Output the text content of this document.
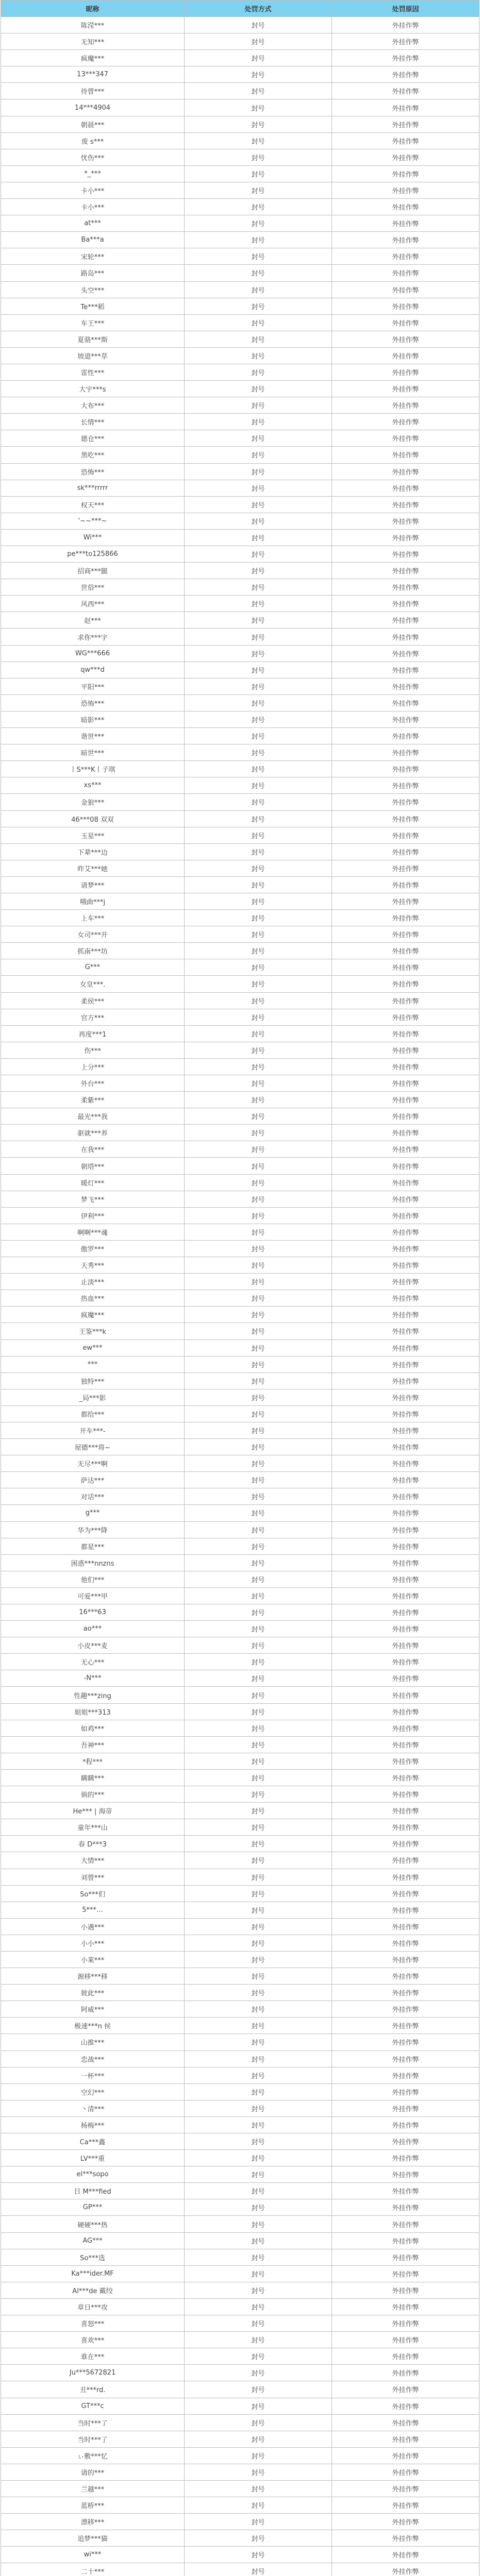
昵称	处罚方式	处罚原因
陈滢***	封号	外挂作弊
无知***	封号	外挂作弊
疯魔***	封号	外挂作弊
13***347	封号	外挂作弊
待曾***	封号	外挂作弊
14***4904	封号	外挂作弊
朝晨***	封号	外挂作弊
废 s***	封号	外挂作弊
忧伤***	封号	外挂作弊
*_***	封号	外挂作弊
卡小***	封号	外挂作弊
卡小***	封号	外挂作弊
at***	封号	外挂作弊
Ba***a	封号	外挂作弊
宋轮***	封号	外挂作弊
路岛***	封号	外挂作弊
头空***	封号	外挂作弊
Te***稻	封号	外挂作弊
车王***	封号	外挂作弊
夏骆***斯	封号	外挂作弊
坡道***草	封号	外挂作弊
雷性***	封号	外挂作弊
大宇***s	封号	外挂作弊
大布***	封号	外挂作弊
长情***	封号	外挂作弊
德仓***	封号	外挂作弊
黑吃***	封号	外挂作弊
恐怖***	封号	外挂作弊
sk***rrrrr	封号	外挂作弊
权天***	封号	外挂作弊
'~~***~	封号	外挂作弊
Wi***	封号	外挂作弊
pe***to125866	封号	外挂作弊
招商***腿	封号	外挂作弊
世俗***	封号	外挂作弊
风西***	封号	外挂作弊
赵***	封号	外挂作弊
求你***字	封号	外挂作弊
WG***666	封号	外挂作弊
qw***d	封号	外挂作弊
平阳***	封号	外挂作弊
恐怖***	封号	外挂作弊
暗影***	封号	外挂作弊
谐世***	封号	外挂作弊
暗世***	封号	外挂作弊
丨S***K丨子琪	封号	外挂作弊
xs***	封号	外挂作弊
金狼***	封号	外挂作弊
46***08 双双	封号	外挂作弊
玉星***	封号	外挂作弊
下辈***边	封号	外挂作弊
昨艾***她	封号	外挂作弊
请梦***	封号	外挂作弊
哦曲***j	封号	外挂作弊
上车***	封号	外挂作弊
女司***开	封号	外挂作弊
抓南***坊	封号	外挂作弊
G***	封号	外挂作弊
女皇***.	封号	外挂作弊
柔侯***	封号	外挂作弊
官方***	封号	外挂作弊
再度***1	封号	外挂作弊
伤***	封号	外挂作弊
上分***	封号	外挂作弊
外台***	封号	外挂作弊
柔紫***	封号	外挂作弊
最光***我	封号	外挂作弊
驱就***养	封号	外挂作弊
在我***	封号	外挂作弊
朝塔***	封号	外挂作弊
暖灯***	封号	外挂作弊
梦飞***	封号	外挂作弊
伊利***	封号	外挂作弊
啊啊***魂	封号	外挂作弊
傲罗***	封号	外挂作弊
天秀***	封号	外挂作弊
止淡***	封号	外挂作弊
热血***	封号	外挂作弊
疯魔***	封号	外挂作弊
王鉴***k	封号	外挂作弊
ew***	封号	外挂作弊
***	封号	外挂作弊
独特***	封号	外挂作弊
_局***影	封号	外挂作弊
都给***	封号	外挂作弊
开车***-	封号	外挂作弊
屋德***将~	封号	外挂作弊
无尽***啊	封号	外挂作弊
萨达***	封号	外挂作弊
对话***	封号	外挂作弊
g***	封号	外挂作弊
华为***降	封号	外挂作弊
都星***	封号	外挂作弊
困惑***nnzns	封号	外挂作弊
他们***	封号	外挂作弊
可爱***甲	封号	外挂作弊
16***63	封号	外挂作弊
ao***	封号	外挂作弊
小皮***麦	封号	外挂作弊
无心***	封号	外挂作弊
-N***	封号	外挂作弊
性趣***zing	封号	外挂作弊
姐姐***313	封号	外挂作弊
如鸡***	封号	外挂作弊
吾神***	封号	外挂作弊
*程***	封号	外挂作弊
瞒瞒***	封号	外挂作弊
倘的***	封号	外挂作弊
He*** | 海帝	封号	外挂作弊
童年***山	封号	外挂作弊
春 D***3	封号	外挂作弊
大情***	封号	外挂作弊
刘曾***	封号	外挂作弊
So***们	封号	外挂作弊
5***…	封号	外挂作弊
小遇***	封号	外挂作弊
小小***	封号	外挂作弊
小莱***	封号	外挂作弊
源移***移	封号	外挂作弊
彼此***	封号	外挂作弊
阿威***	封号	外挂作弊
极速***n 侯	封号	外挂作弊
山推***	封号	外挂作弊
恋战***	封号	外挂作弊
一杯***	封号	外挂作弊
空幻***	封号	外挂作弊
丶清***	封号	外挂作弊
杨梅***	封号	外挂作弊
Ca***鑫	封号	外挂作弊
LV***重	封号	外挂作弊
el***sopo	封号	外挂作弊
日 M***fied	封号	外挂作弊
GP***	封号	外挂作弊
硬硬***热	封号	外挂作弊
AG***	封号	外挂作弊
So***选	封号	外挂作弊
Ka***ider.MF	封号	外挂作弊
Al***de 戴绞	封号	外挂作弊
章日***攻	封号	外挂作弊
喜怒***	封号	外挂作弊
喜欢***	封号	外挂作弊
谁在***	封号	外挂作弊
Ju***5672821	封号	外挂作弊
丑***rd.	封号	外挂作弊
GT***c	封号	外挂作弊
当时***了	封号	外挂作弊
当时***了	封号	外挂作弊
ぃ敷***忆	封号	外挂作弊
请的***	封号	外挂作弊
兰越***	封号	外挂作弊
蓝桥***	封号	外挂作弊
漂移***	封号	外挂作弊
追梦***猫	封号	外挂作弊
wi***	封号	外挂作弊
二十***	封号	外挂作弊
